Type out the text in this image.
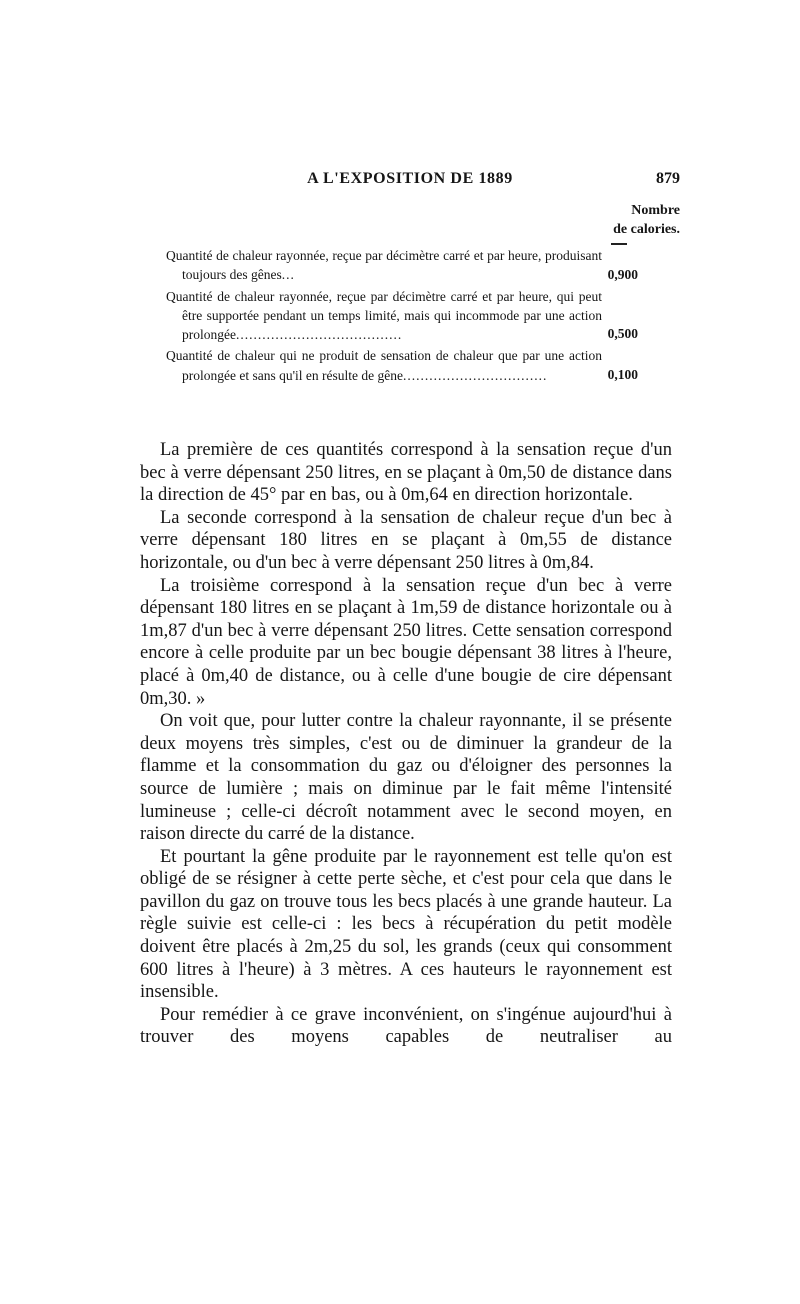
A L'EXPOSITION DE 1889	879
Nombre
de calories.
Quantité de chaleur rayonnée, reçue par décimètre carré et par heure, produisant toujours des gênes...	0,900
Quantité de chaleur rayonnée, reçue par décimètre carré et par heure, qui peut être supportée pendant un temps limité, mais qui incommode par une action prolongée......................................	0,500
Quantité de chaleur qui ne produit de sensation de chaleur que par une action prolongée et sans qu'il en résulte de gêne.................................	0,100

La première de ces quantités correspond à la sensation reçue d'un bec à verre dépensant 250 litres, en se plaçant à 0m,50 de distance dans la direction de 45° par en bas, ou à 0m,64 en direction horizontale.

La seconde correspond à la sensation de chaleur reçue d'un bec à verre dépensant 180 litres en se plaçant à 0m,55 de distance horizontale, ou d'un bec à verre dépensant 250 litres à 0m,84.

La troisième correspond à la sensation reçue d'un bec à verre dépensant 180 litres en se plaçant à 1m,59 de distance horizontale ou à 1m,87 d'un bec à verre dépensant 250 litres. Cette sensation correspond encore à celle produite par un bec bougie dépensant 38 litres à l'heure, placé à 0m,40 de distance, ou à celle d'une bougie de cire dépensant 0m,30. »

On voit que, pour lutter contre la chaleur rayonnante, il se présente deux moyens très simples, c'est ou de diminuer la grandeur de la flamme et la consommation du gaz ou d'éloigner des personnes la source de lumière ; mais on diminue par le fait même l'intensité lumineuse ; celle-ci décroît notamment avec le second moyen, en raison directe du carré de la distance.

Et pourtant la gêne produite par le rayonnement est telle qu'on est obligé de se résigner à cette perte sèche, et c'est pour cela que dans le pavillon du gaz on trouve tous les becs placés à une grande hauteur. La règle suivie est celle-ci : les becs à récupération du petit modèle doivent être placés à 2m,25 du sol, les grands (ceux qui consomment 600 litres à l'heure) à 3 mètres. A ces hauteurs le rayonnement est insensible.

Pour remédier à ce grave inconvénient, on s'ingénue aujourd'hui à trouver des moyens capables de neutraliser au
